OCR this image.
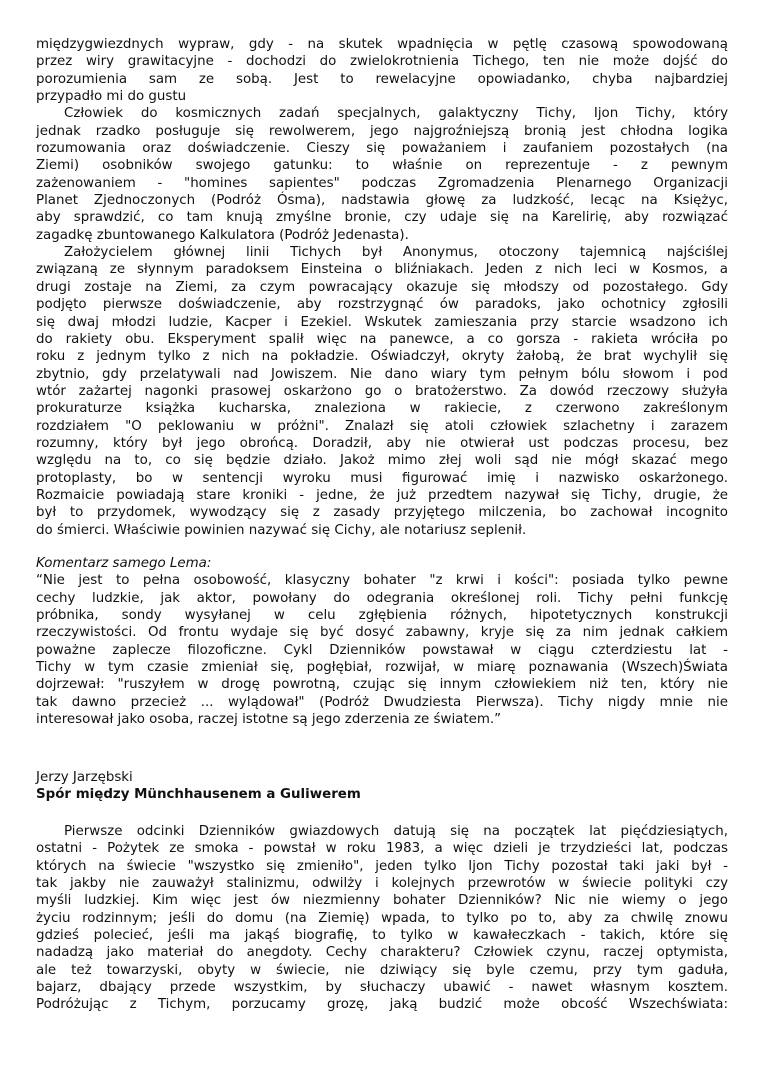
międzygwiezdnych wypraw, gdy - na skutek wpadnięcia w pętlę czasową spowodowaną
przez wiry grawitacyjne - dochodzi do zwielokrotnienia Tichego, ten nie może dojść do
porozumienia sam ze sobą. Jest to rewelacyjne opowiadanko, chyba najbardziej
przypadło mi do gustu
Człowiek do kosmicznych zadań specjalnych, galaktyczny Tichy, Ijon Tichy, który
jednak rzadko posługuje się rewolwerem, jego najgroźniejszą bronią jest chłodna logika
rozumowania oraz doświadczenie. Cieszy się poważaniem i zaufaniem pozostałych (na
Ziemi) osobników swojego gatunku: to właśnie on reprezentuje - z pewnym
zażenowaniem - "homines sapientes" podczas Zgromadzenia Plenarnego Organizacji
Planet Zjednoczonych (Podróż Ósma), nadstawia głowę za ludzkość, lecąc na Księżyc,
aby sprawdzić, co tam knują zmyślne bronie, czy udaje się na Karelirię, aby rozwiązać
zagadkę zbuntowanego Kalkulatora (Podróż Jedenasta).
Założycielem głównej linii Tichych był Anonymus, otoczony tajemnicą najściślej
związaną ze słynnym paradoksem Einsteina o bliźniakach. Jeden z nich leci w Kosmos, a
drugi zostaje na Ziemi, za czym powracający okazuje się młodszy od pozostałego. Gdy
podjęto pierwsze doświadczenie, aby rozstrzygnąć ów paradoks, jako ochotnicy zgłosili
się dwaj młodzi ludzie, Kacper i Ezekiel. Wskutek zamieszania przy starcie wsadzono ich
do rakiety obu. Eksperyment spalił więc na panewce, a co gorsza - rakieta wróciła po
roku z jednym tylko z nich na pokładzie. Oświadczył, okryty żałobą, że brat wychylił się
zbytnio, gdy przelatywali nad Jowiszem. Nie dano wiary tym pełnym bólu słowom i pod
wtór zażartej nagonki prasowej oskarżono go o bratożerstwo. Za dowód rzeczowy służyła
prokuraturze książka kucharska, znaleziona w rakiecie, z czerwono zakreślonym
rozdziałem "O peklowaniu w próżni". Znalazł się atoli człowiek szlachetny i zarazem
rozumny, który był jego obrońcą. Doradził, aby nie otwierał ust podczas procesu, bez
względu na to, co się będzie działo. Jakoż mimo złej woli sąd nie mógł skazać mego
protoplasty, bo w sentencji wyroku musi figurować imię i nazwisko oskarżonego.
Rozmaicie powiadają stare kroniki - jedne, że już przedtem nazywał się Tichy, drugie, że
był to przydomek, wywodzący się z zasady przyjętego milczenia, bo zachował incognito
do śmierci. Właściwie powinien nazywać się Cichy, ale notariusz seplenił.
Komentarz samego Lema:
“Nie jest to pełna osobowość, klasyczny bohater "z krwi i kości": posiada tylko pewne
cechy ludzkie, jak aktor, powołany do odegrania określonej roli. Tichy pełni funkcję
próbnika, sondy wysyłanej w celu zgłębienia różnych, hipotetycznych konstrukcji
rzeczywistości. Od frontu wydaje się być dosyć zabawny, kryje się za nim jednak całkiem
poważne zaplecze filozoficzne. Cykl Dzienników powstawał w ciągu czterdziestu lat -
Tichy w tym czasie zmieniał się, pogłębiał, rozwijał, w miarę poznawania (Wszech)Świata
dojrzewał: "ruszyłem w drogę powrotną, czując się innym człowiekiem niż ten, który nie
tak dawno przecież ... wylądował" (Podróż Dwudziesta Pierwsza). Tichy nigdy mnie nie
interesował jako osoba, raczej istotne są jego zderzenia ze światem.”
Jerzy Jarzębski
Spór między Münchhausenem a Guliwerem
Pierwsze odcinki Dzienników gwiazdowych datują się na początek lat pięćdziesiątych,
ostatni - Pożytek ze smoka - powstał w roku 1983, a więc dzieli je trzydzieści lat, podczas
których na świecie "wszystko się zmieniło", jeden tylko Ijon Tichy pozostał taki jaki był -
tak jakby nie zauważył stalinizmu, odwilży i kolejnych przewrotów w świecie polityki czy
myśli ludzkiej. Kim więc jest ów niezmienny bohater Dzienników? Nic nie wiemy o jego
życiu rodzinnym; jeśli do domu (na Ziemię) wpada, to tylko po to, aby za chwilę znowu
gdzieś polecieć, jeśli ma jakąś biografię, to tylko w kawałeczkach - takich, które się
nadadzą jako materiał do anegdoty. Cechy charakteru? Człowiek czynu, raczej optymista,
ale też towarzyski, obyty w świecie, nie dziwiący się byle czemu, przy tym gaduła,
bajarz, dbający przede wszystkim, by słuchaczy ubawić - nawet własnym kosztem.
Podróżując z Tichym, porzucamy grozę, jaką budzić może obcość Wszechświata:
